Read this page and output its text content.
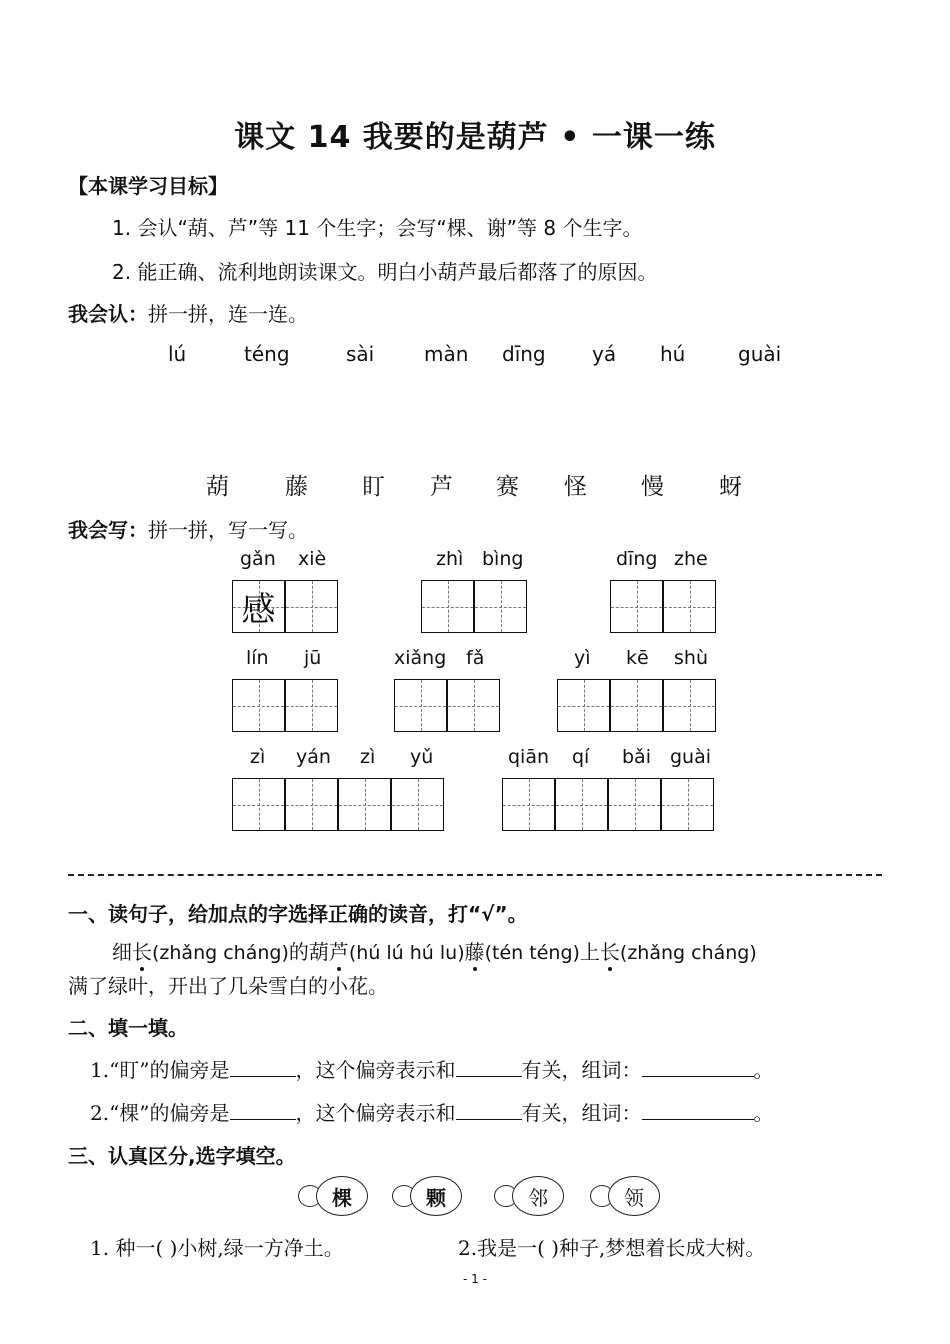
课文 14 我要的是葫芦 • 一课一练
【本课学习目标】
1. 会认“葫、芦”等 11 个生字；会写“棵、谢”等 8 个生字。
2. 能正确、流利地朗读课文。明白小葫芦最后都落了的原因。
我会认：拼一拼，连一连。
lú	téng	sài màn dīng yá hú	guài
葫 藤 盯 芦 赛 怪 慢 蚜
我会写：拼一拼，写一写。
gǎn xiè
感
zhì bìng	dīng zhe
lín jū	xiǎng fǎ	yì kē shù
zì yán zì yǔ	qiān qí bǎi guài
一、读句子，给加点的字选择正确的读音，打“√”。
细长(zhǎng cháng)的葫芦(hú lú hú lu)藤(tén téng)上长(zhǎng cháng)
满了绿叶，开出了几朵雪白的小花。
二、填一填。
1.“盯”的偏旁是	，这个偏旁表示和	有关，组词：	。
2.“棵”的偏旁是	，这个偏旁表示和	有关，组词：	。
三、认真区分,选字填空。
棵	颗	邻	领
1. 种一( )小树,绿一方净土。	2.我是一( )种子,梦想着长成大树。
- 1 -
